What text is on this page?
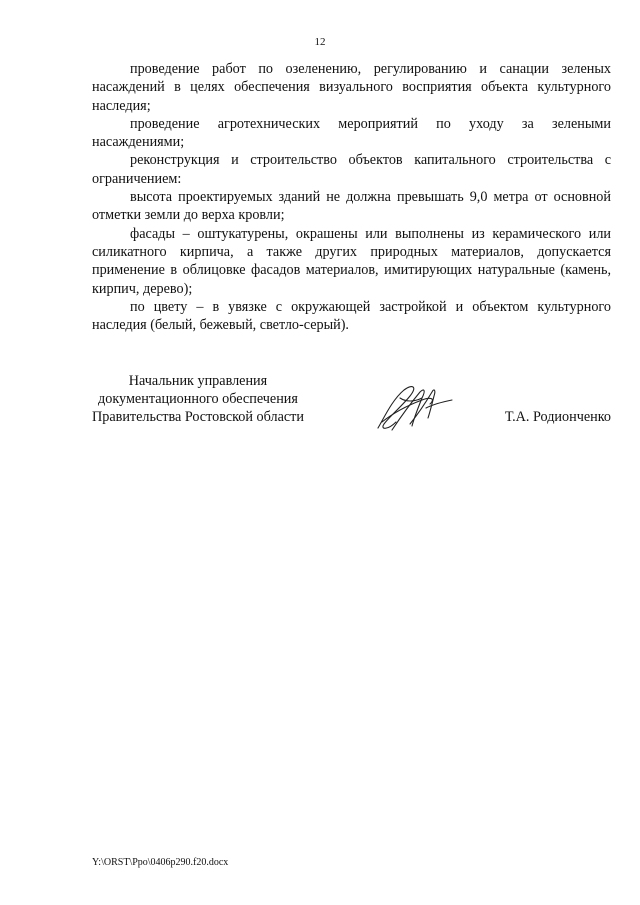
12

проведение работ по озеленению, регулированию и санации зеленых насаждений в целях обеспечения визуального восприятия объекта культурного наследия;

проведение агротехнических мероприятий по уходу за зелеными насаждениями;

реконструкция и строительство объектов капитального строительства с ограничением:

высота проектируемых зданий не должна превышать 9,0 метра от основной отметки земли до верха кровли;

фасады – оштукатурены, окрашены или выполнены из керамического или силикатного кирпича, а также других природных материалов, допускается применение в облицовке фасадов материалов, имитирующих натуральные (камень, кирпич, дерево);

по цвету – в увязке с окружающей застройкой и объектом культурного наследия (белый, бежевый, светло-серый).

Начальник управления
документационного обеспечения
Правительства Ростовской области	Т.А. Родионченко
Y:\ORST\Ppo\0406p290.f20.docx
